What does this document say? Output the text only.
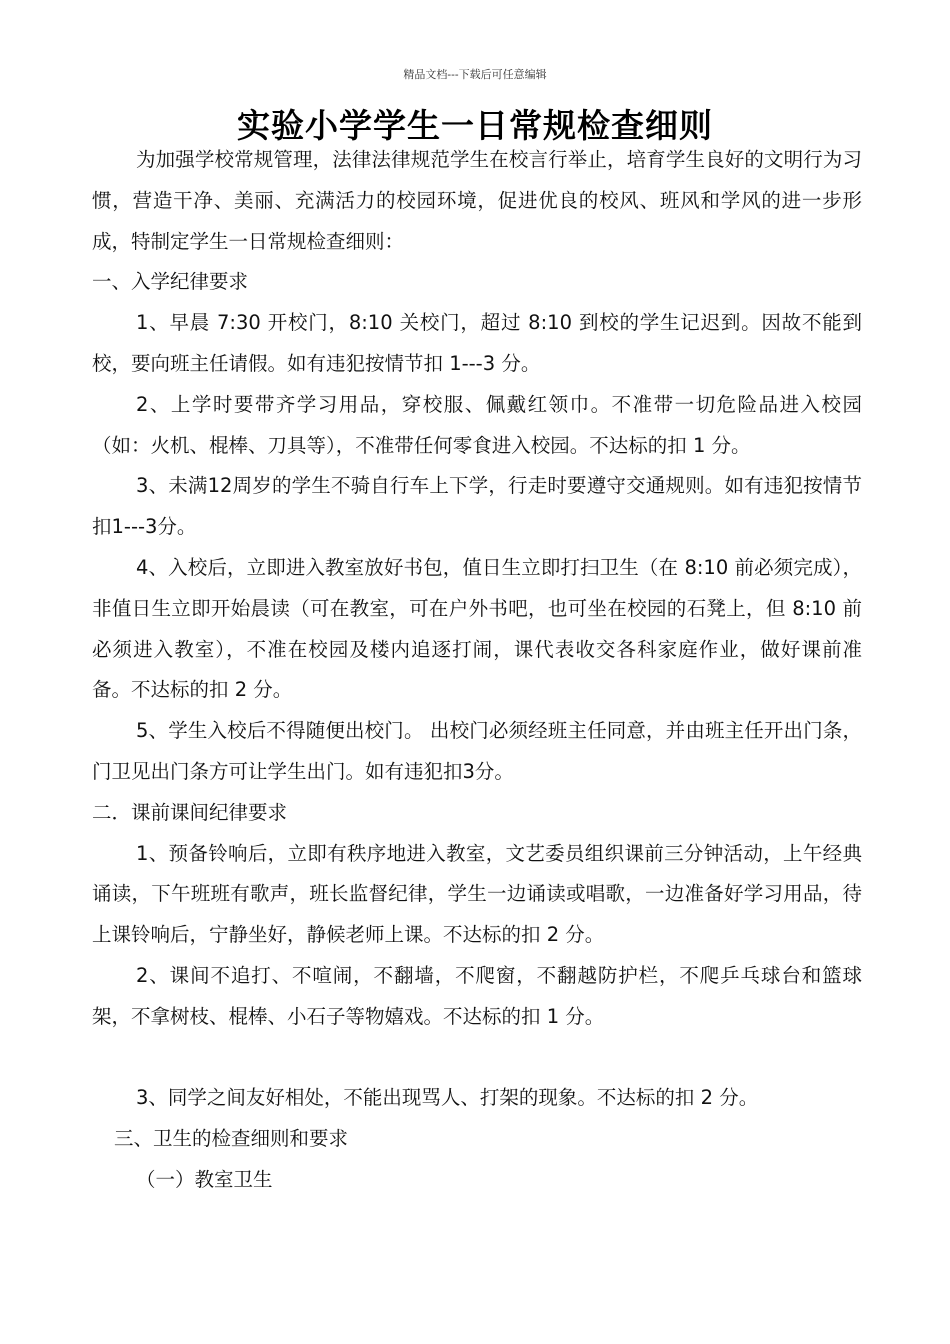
精品文档---下载后可任意编辑
实验小学学生一日常规检查细则

为加强学校常规管理，法律法律规范学生在校言行举止，培育学生良好的文明行为习惯，营造干净、美丽、充满活力的校园环境，促进优良的校风、班风和学风的进一步形成，特制定学生一日常规检查细则：

一、入学纪律要求

1、早晨 7:30 开校门，8:10 关校门，超过 8:10 到校的学生记迟到。因故不能到校，要向班主任请假。如有违犯按情节扣 1---3 分。

2、上学时要带齐学习用品，穿校服、佩戴红领巾。不准带一切危险品进入校园（如：火机、棍棒、刀具等），不准带任何零食进入校园。不达标的扣 1 分。

3、未满12周岁的学生不骑自行车上下学，行走时要遵守交通规则。如有违犯按情节扣1---3分。

4、入校后，立即进入教室放好书包，值日生立即打扫卫生（在 8:10 前必须完成），非值日生立即开始晨读（可在教室，可在户外书吧，也可坐在校园的石凳上，但 8:10 前必须进入教室），不准在校园及楼内追逐打闹，课代表收交各科家庭作业，做好课前准备。不达标的扣 2 分。

5、学生入校后不得随便出校门。 出校门必须经班主任同意，并由班主任开出门条，门卫见出门条方可让学生出门。如有违犯扣3分。

二．课前课间纪律要求

1、预备铃响后，立即有秩序地进入教室，文艺委员组织课前三分钟活动，上午经典诵读，下午班班有歌声，班长监督纪律，学生一边诵读或唱歌，一边准备好学习用品，待上课铃响后，宁静坐好，静候老师上课。不达标的扣 2 分。

2、课间不追打、不喧闹，不翻墙，不爬窗，不翻越防护栏，不爬乒乓球台和篮球架，不拿树枝、棍棒、小石子等物嬉戏。不达标的扣 1 分。

3、同学之间友好相处，不能出现骂人、打架的现象。不达标的扣 2 分。

三、卫生的检查细则和要求

（一）教室卫生
